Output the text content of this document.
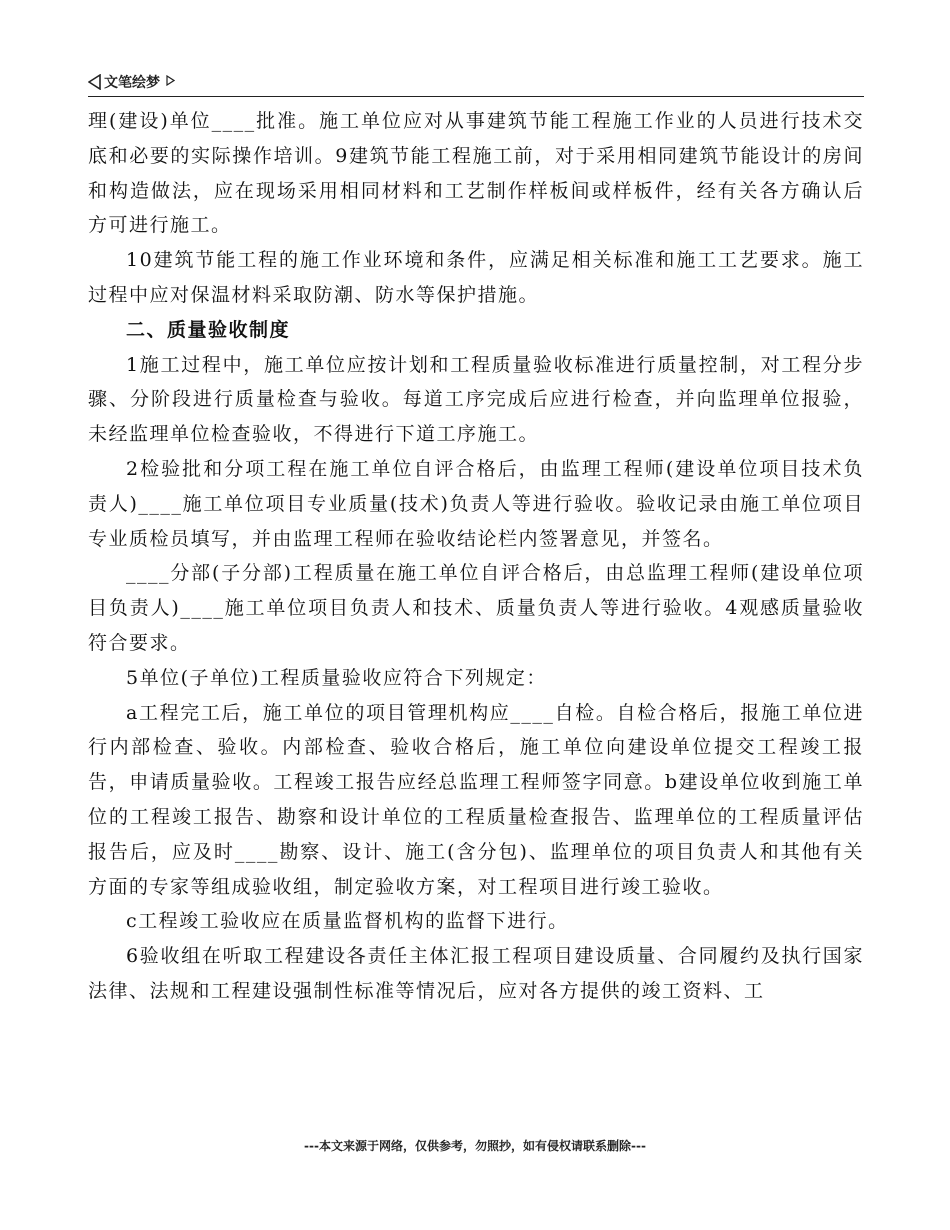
文笔绘梦

理(建设)单位____批准。施工单位应对从事建筑节能工程施工作业的人员进行技术交底和必要的实际操作培训。9建筑节能工程施工前，对于采用相同建筑节能设计的房间和构造做法，应在现场采用相同材料和工艺制作样板间或样板件，经有关各方确认后方可进行施工。

10建筑节能工程的施工作业环境和条件，应满足相关标准和施工工艺要求。施工过程中应对保温材料采取防潮、防水等保护措施。

二、质量验收制度

1施工过程中，施工单位应按计划和工程质量验收标准进行质量控制，对工程分步骤、分阶段进行质量检查与验收。每道工序完成后应进行检查，并向监理单位报验，未经监理单位检查验收，不得进行下道工序施工。

2检验批和分项工程在施工单位自评合格后，由监理工程师(建设单位项目技术负责人)____施工单位项目专业质量(技术)负责人等进行验收。验收记录由施工单位项目专业质检员填写，并由监理工程师在验收结论栏内签署意见，并签名。

____分部(子分部)工程质量在施工单位自评合格后，由总监理工程师(建设单位项目负责人)____施工单位项目负责人和技术、质量负责人等进行验收。4观感质量验收符合要求。

5单位(子单位)工程质量验收应符合下列规定：

a工程完工后，施工单位的项目管理机构应____自检。自检合格后，报施工单位进行内部检查、验收。内部检查、验收合格后，施工单位向建设单位提交工程竣工报告，申请质量验收。工程竣工报告应经总监理工程师签字同意。b建设单位收到施工单位的工程竣工报告、勘察和设计单位的工程质量检查报告、监理单位的工程质量评估报告后，应及时____勘察、设计、施工(含分包)、监理单位的项目负责人和其他有关方面的专家等组成验收组，制定验收方案，对工程项目进行竣工验收。

c工程竣工验收应在质量监督机构的监督下进行。

6验收组在听取工程建设各责任主体汇报工程项目建设质量、合同履约及执行国家法律、法规和工程建设强制性标准等情况后，应对各方提供的竣工资料、工

---本文来源于网络，仅供参考，勿照抄，如有侵权请联系删除---
